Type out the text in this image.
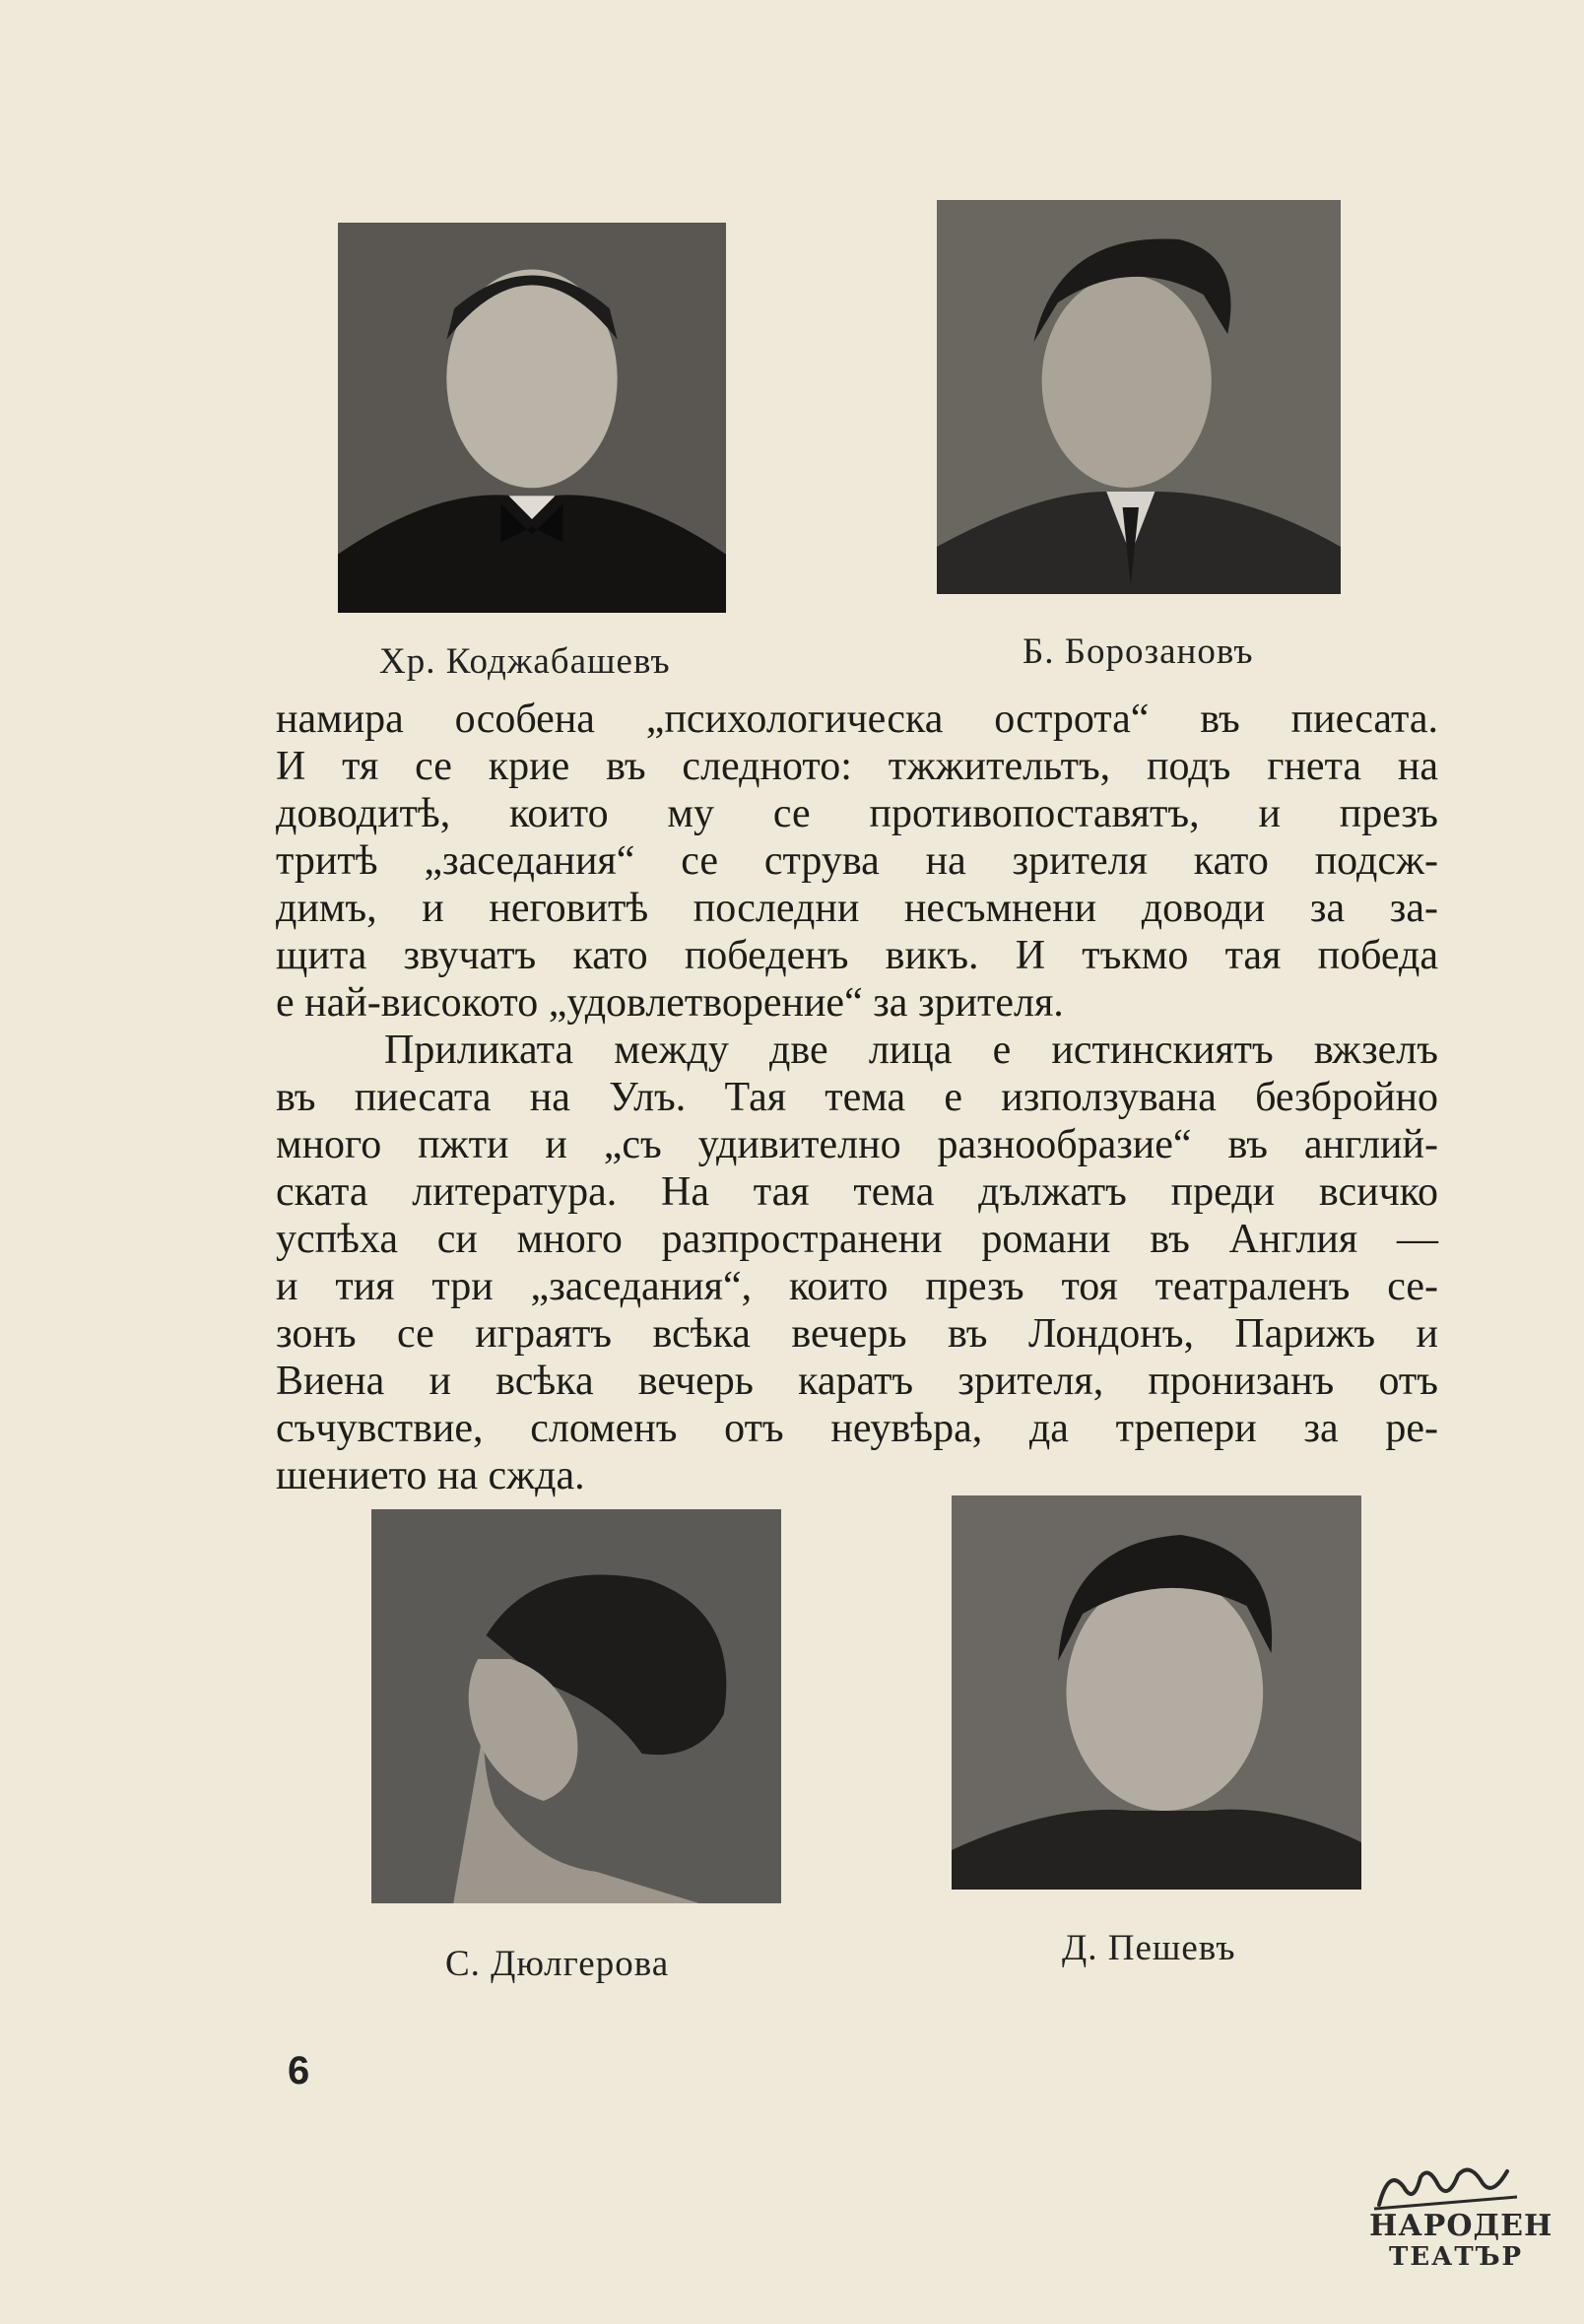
Хр. Коджабашевъ	Б. Борозановъ

намира особена „психологическа острота“ въ пиесата.
И тя се крие въ следното: тжжительтъ, подъ гнета на
доводитѣ, които му се противопоставятъ, и презъ
тритѣ „заседания“ се струва на зрителя като подсж-
димъ, и неговитѣ последни несъмнени доводи за за-
щита звучатъ като победенъ викъ. И тъкмо тая победа
е най-високото „удовлетворение“ за зрителя.

Приликата между две лица е истинскиятъ вжзелъ
въ пиесата на Улъ. Тая тема е използувана безбройно
много пжти и „съ удивително разнообразие“ въ англий-
ската литература. На тая тема дължатъ преди всичко
успѣха си много разпространени романи въ Англия —
и тия три „заседания“, които презъ тоя театраленъ се-
зонъ се играятъ всѣка вечерь въ Лондонъ, Парижъ и
Виена и всѣка вечерь каратъ зрителя, пронизанъ отъ
съчувствие, сломенъ отъ неувѣра, да трепери за ре-
шението на сжда.

С. Дюлгерова	Д. Пешевъ
6
НАРОДЕН
ТЕАТЪР
